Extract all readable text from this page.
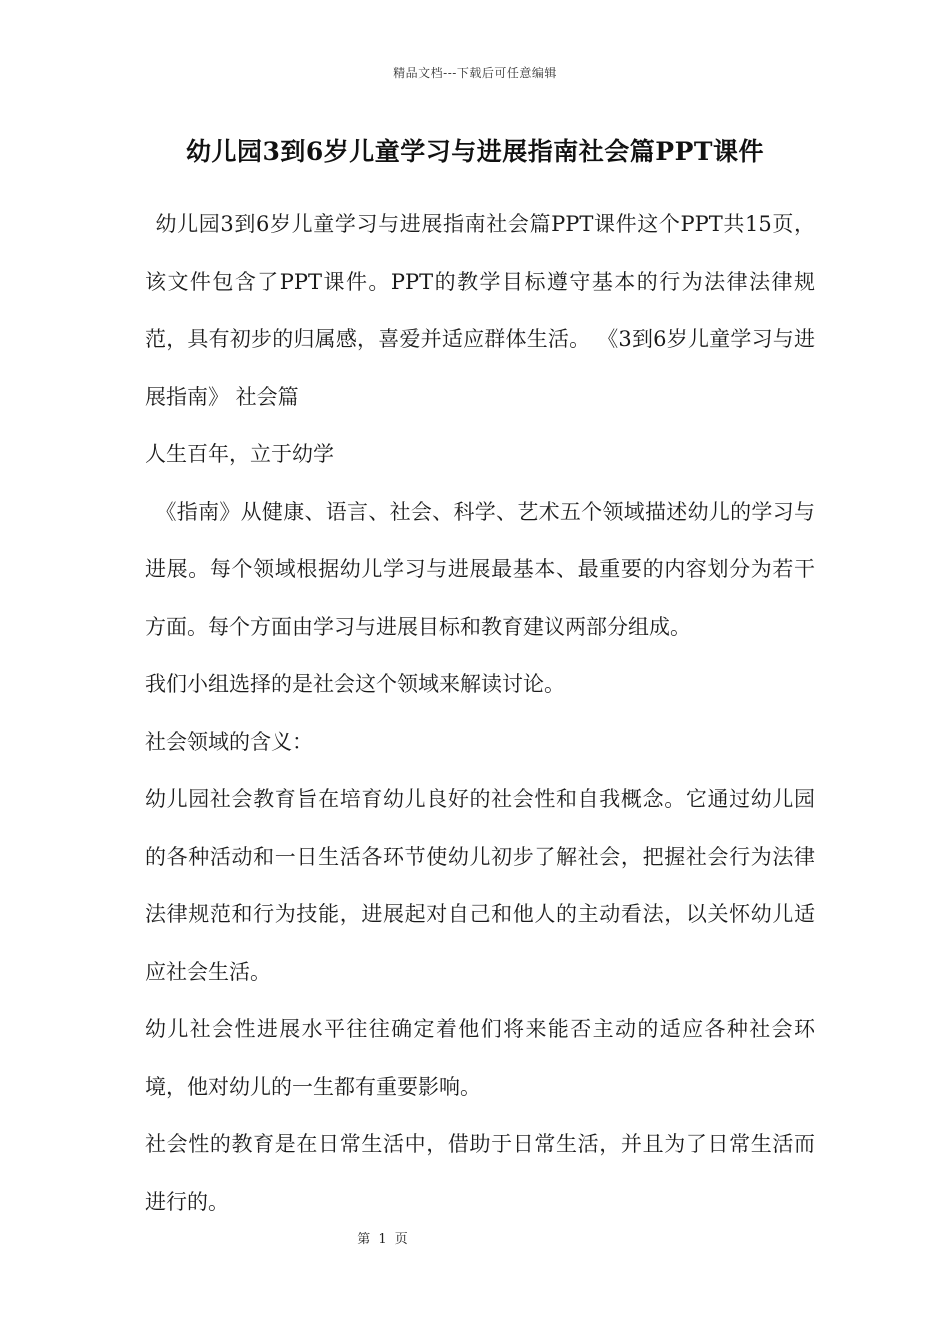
精品文档---下载后可任意编辑
幼儿园3到6岁儿童学习与进展指南社会篇PPT课件

幼儿园3到6岁儿童学习与进展指南社会篇PPT课件这个PPT共15页，该文件包含了PPT课件。PPT的教学目标遵守基本的行为法律法律规范，具有初步的归属感，喜爱并适应群体生活。 《3到6岁儿童学习与进展指南》 社会篇

人生百年，立于幼学

《指南》从健康、语言、社会、科学、艺术五个领域描述幼儿的学习与进展。每个领域根据幼儿学习与进展最基本、最重要的内容划分为若干方面。每个方面由学习与进展目标和教育建议两部分组成。

我们小组选择的是社会这个领域来解读讨论。

社会领域的含义：

幼儿园社会教育旨在培育幼儿良好的社会性和自我概念。它通过幼儿园的各种活动和一日生活各环节使幼儿初步了解社会，把握社会行为法律法律规范和行为技能，进展起对自己和他人的主动看法，以关怀幼儿适应社会生活。

幼儿社会性进展水平往往确定着他们将来能否主动的适应各种社会环境，他对幼儿的一生都有重要影响。

社会性的教育是在日常生活中，借助于日常生活，并且为了日常生活而进行的。

第 1 页
